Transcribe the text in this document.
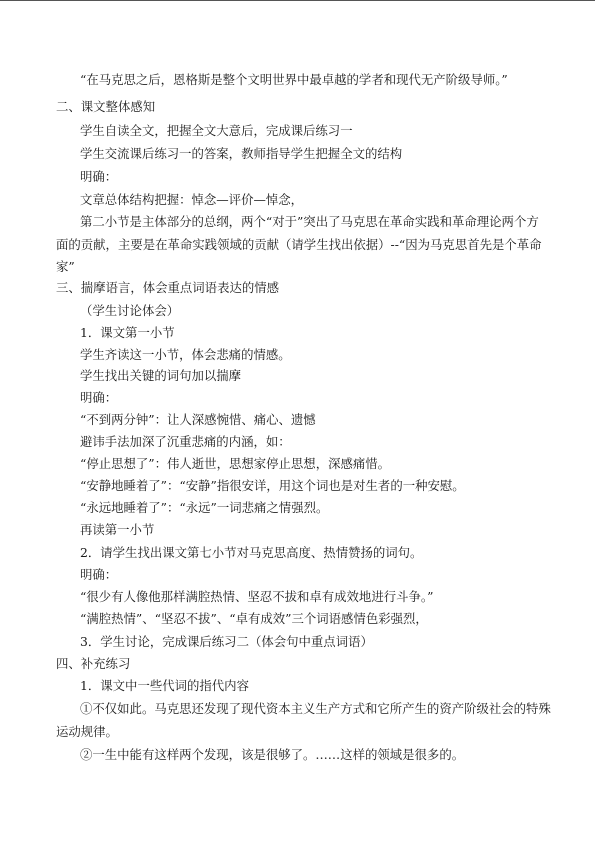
“在马克思之后，恩格斯是整个文明世界中最卓越的学者和现代无产阶级导师。”
二、课文整体感知
学生自读全文，把握全文大意后，完成课后练习一
学生交流课后练习一的答案，教师指导学生把握全文的结构
明确：
文章总体结构把握：悼念—评价—悼念，
第二小节是主体部分的总纲，两个“对于”突出了马克思在革命实践和革命理论两个方
面的贡献，主要是在革命实践领域的贡献（请学生找出依据）--“因为马克思首先是个革命
家”
三、揣摩语言，体会重点词语表达的情感
（学生讨论体会）
1．课文第一小节
学生齐读这一小节，体会悲痛的情感。
学生找出关键的词句加以揣摩
明确：
“不到两分钟”：让人深感惋惜、痛心、遗憾
避讳手法加深了沉重悲痛的内涵，如：
“停止思想了”：伟人逝世，思想家停止思想，深感痛惜。
“安静地睡着了”：“安静”指很安详，用这个词也是对生者的一种安慰。
“永远地睡着了”：“永远”一词悲痛之情强烈。
再读第一小节
2．请学生找出课文第七小节对马克思高度、热情赞扬的词句。
明确：
“很少有人像他那样满腔热情、坚忍不拔和卓有成效地进行斗争。”
“满腔热情”、“坚忍不拔”、“卓有成效”三个词语感情色彩强烈，
3．学生讨论，完成课后练习二（体会句中重点词语）
四、补充练习
1．课文中一些代词的指代内容
①不仅如此。马克思还发现了现代资本主义生产方式和它所产生的资产阶级社会的特殊
运动规律。
②一生中能有这样两个发现，该是很够了。……这样的领域是很多的。
